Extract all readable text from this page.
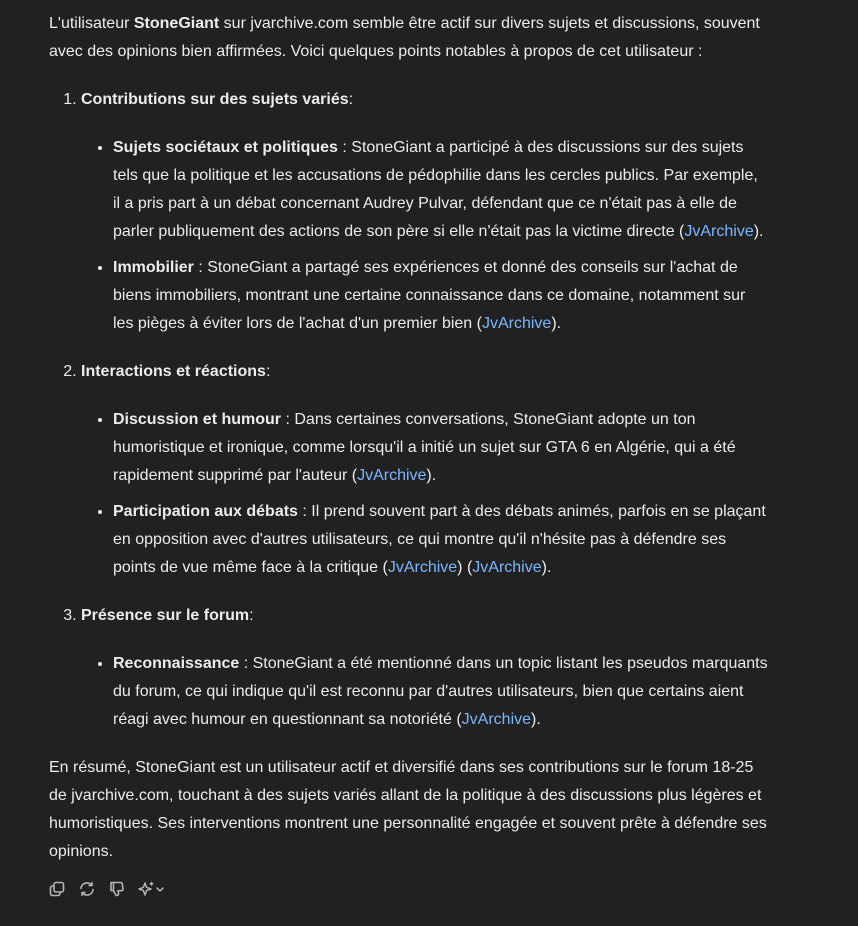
L'utilisateur StoneGiant sur jvarchive.com semble être actif sur divers sujets et discussions, souvent avec des opinions bien affirmées. Voici quelques points notables à propos de cet utilisateur :

1. Contributions sur des sujets variés:
• Sujets sociétaux et politiques : StoneGiant a participé à des discussions sur des sujets tels que la politique et les accusations de pédophilie dans les cercles publics. Par exemple, il a pris part à un débat concernant Audrey Pulvar, défendant que ce n'était pas à elle de parler publiquement des actions de son père si elle n'était pas la victime directe (JvArchive).
• Immobilier : StoneGiant a partagé ses expériences et donné des conseils sur l'achat de biens immobiliers, montrant une certaine connaissance dans ce domaine, notamment sur les pièges à éviter lors de l'achat d'un premier bien (JvArchive).
2. Interactions et réactions:
• Discussion et humour : Dans certaines conversations, StoneGiant adopte un ton humoristique et ironique, comme lorsqu'il a initié un sujet sur GTA 6 en Algérie, qui a été rapidement supprimé par l'auteur (JvArchive).
• Participation aux débats : Il prend souvent part à des débats animés, parfois en se plaçant en opposition avec d'autres utilisateurs, ce qui montre qu'il n'hésite pas à défendre ses points de vue même face à la critique (JvArchive) (JvArchive).
3. Présence sur le forum:
• Reconnaissance : StoneGiant a été mentionné dans un topic listant les pseudos marquants du forum, ce qui indique qu'il est reconnu par d'autres utilisateurs, bien que certains aient réagi avec humour en questionnant sa notoriété (JvArchive).

En résumé, StoneGiant est un utilisateur actif et diversifié dans ses contributions sur le forum 18-25 de jvarchive.com, touchant à des sujets variés allant de la politique à des discussions plus légères et humoristiques. Ses interventions montrent une personnalité engagée et souvent prête à défendre ses opinions.
